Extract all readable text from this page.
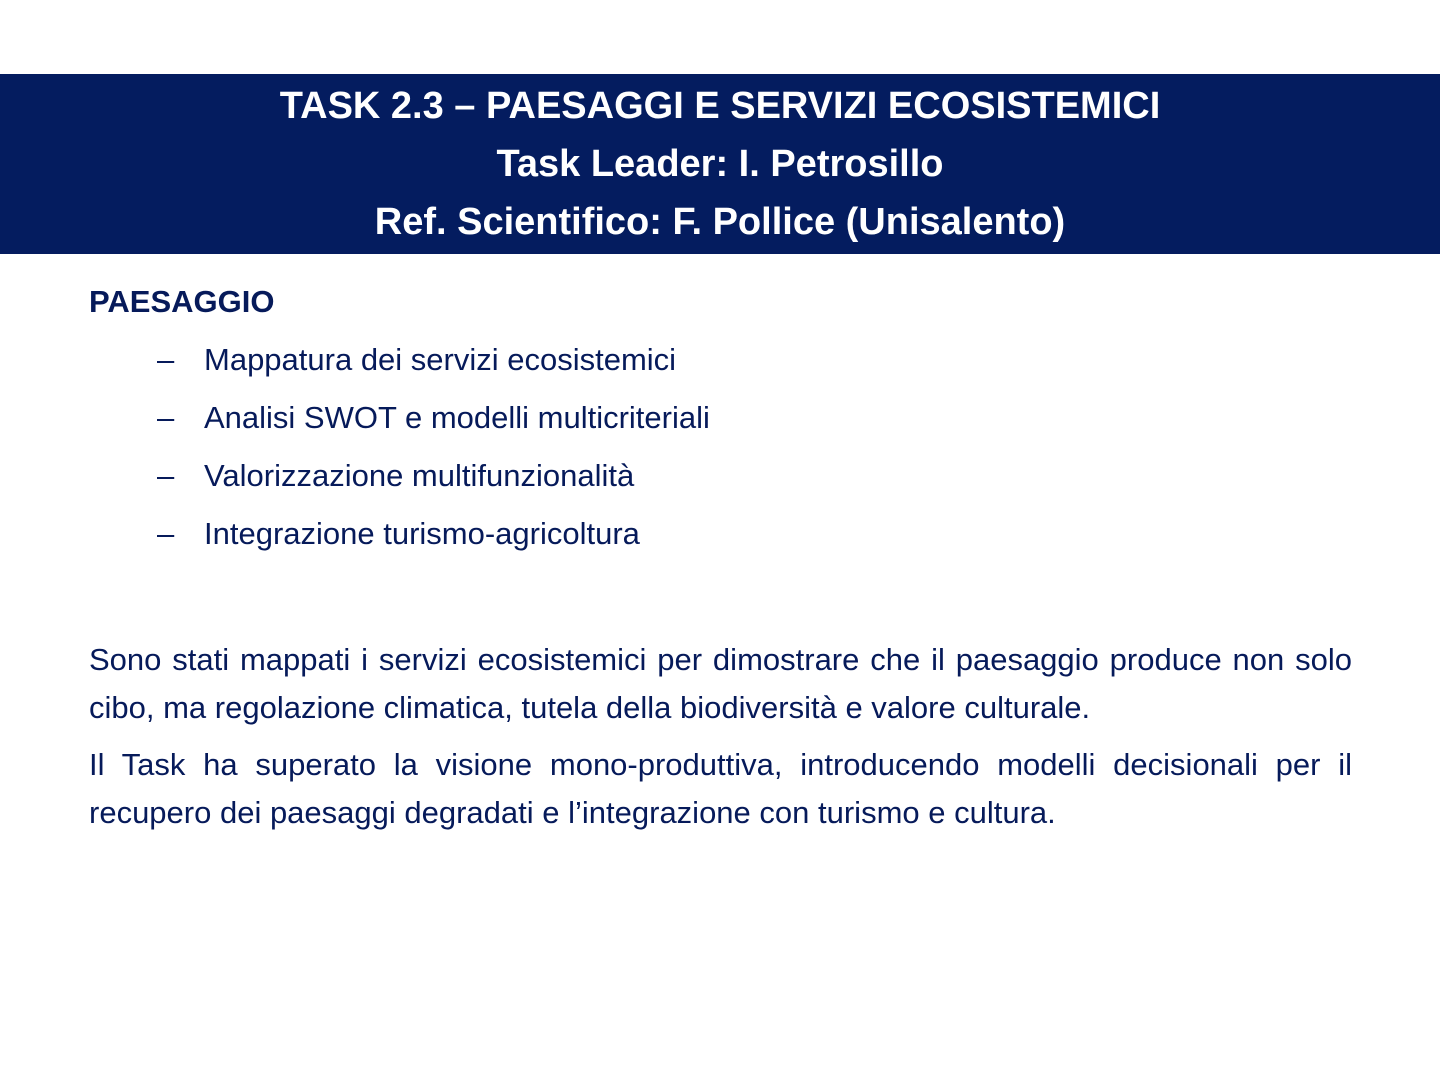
TASK 2.3 – PAESAGGI E SERVIZI ECOSISTEMICI
Task Leader: I. Petrosillo
Ref. Scientifico: F. Pollice (Unisalento)
PAESAGGIO
– Mappatura dei servizi ecosistemici
– Analisi SWOT e modelli multicriteriali
– Valorizzazione multifunzionalità
– Integrazione turismo-agricoltura

Sono stati mappati i servizi ecosistemici per dimostrare che il paesaggio produce non solo cibo, ma regolazione climatica, tutela della biodiversità e valore culturale.

Il Task ha superato la visione mono-produttiva, introducendo modelli decisionali per il recupero dei paesaggi degradati e l’integrazione con turismo e cultura.
